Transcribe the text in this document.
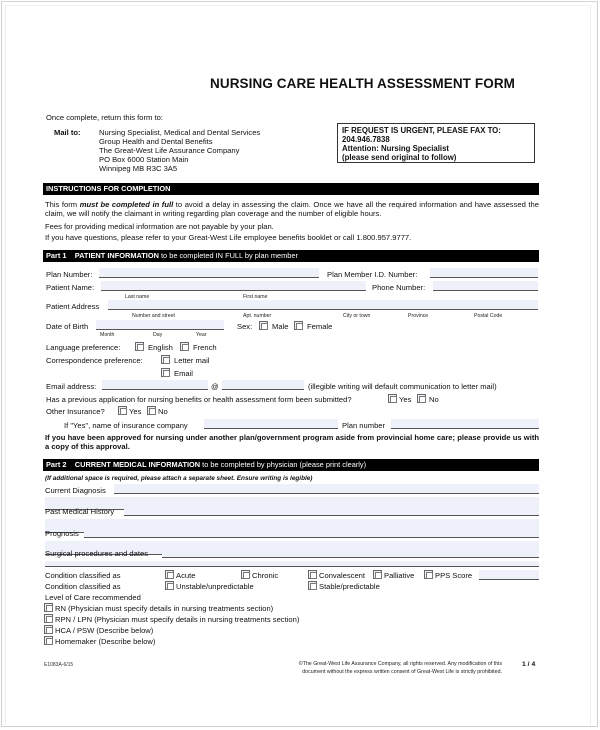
NURSING CARE HEALTH ASSESSMENT FORM
Once complete, return this form to:
Mail to: Nursing Specialist, Medical and Dental Services
Group Health and Dental Benefits
The Great-West Life Assurance Company
PO Box 6000 Station Main
Winnipeg MB R3C 3A5
IF REQUEST IS URGENT, PLEASE FAX TO:
204.946.7838
Attention: Nursing Specialist
(please send original to follow)
INSTRUCTIONS FOR COMPLETION
This form must be completed in full to avoid a delay in assessing the claim. Once we have all the required information and have assessed the claim, we will notify the claimant in writing regarding plan coverage and the number of eligible hours.
Fees for providing medical information are not payable by your plan.
If you have questions, please refer to your Great-West Life employee benefits booklet or call 1.800.957.9777.
Part 1 PATIENT INFORMATION to be completed IN FULL by plan member
Plan Number:	Plan Member I.D. Number:
Patient Name:	Phone Number:
Last name	First name
Patient Address
Number and street	Apt. number	City or town	Province	Postal Code
Date of Birth
Month	Day	Year
Sex:	Male Female
Language preference:	English	French
Correspondence preference:	Letter mail
Email
Email address:	@	(illegible writing will default communication to letter mail)
Has a previous application for nursing benefits or health assessment form been submitted?	Yes No
Other Insurance?	Yes No
If "Yes", name of insurance company	Plan number
If you have been approved for nursing under another plan/government program aside from provincial home care; please provide us with a copy of this approval.
Part 2 CURRENT MEDICAL INFORMATION to be completed by physician (please print clearly)
(If additional space is required, please attach a separate sheet. Ensure writing is legible)
Current Diagnosis
Past Medical History
Prognosis
Surgical procedures and dates
Condition classified as	Acute	Chronic	Convalescent Palliative	PPS Score
Condition classified as	Unstable/unpredictable	Stable/predictable
Level of Care recommended
RN (Physician must specify details in nursing treatments section)
RPN / LPN (Physician must specify details in nursing treatments section)
HCA / PSW (Describe below)
Homemaker (Describe below)
E1083A-6/15	©The Great-West Life Assurance Company, all rights reserved. Any modification of this
document without the express written consent of Great-West Life is strictly prohibited.
1 / 4
